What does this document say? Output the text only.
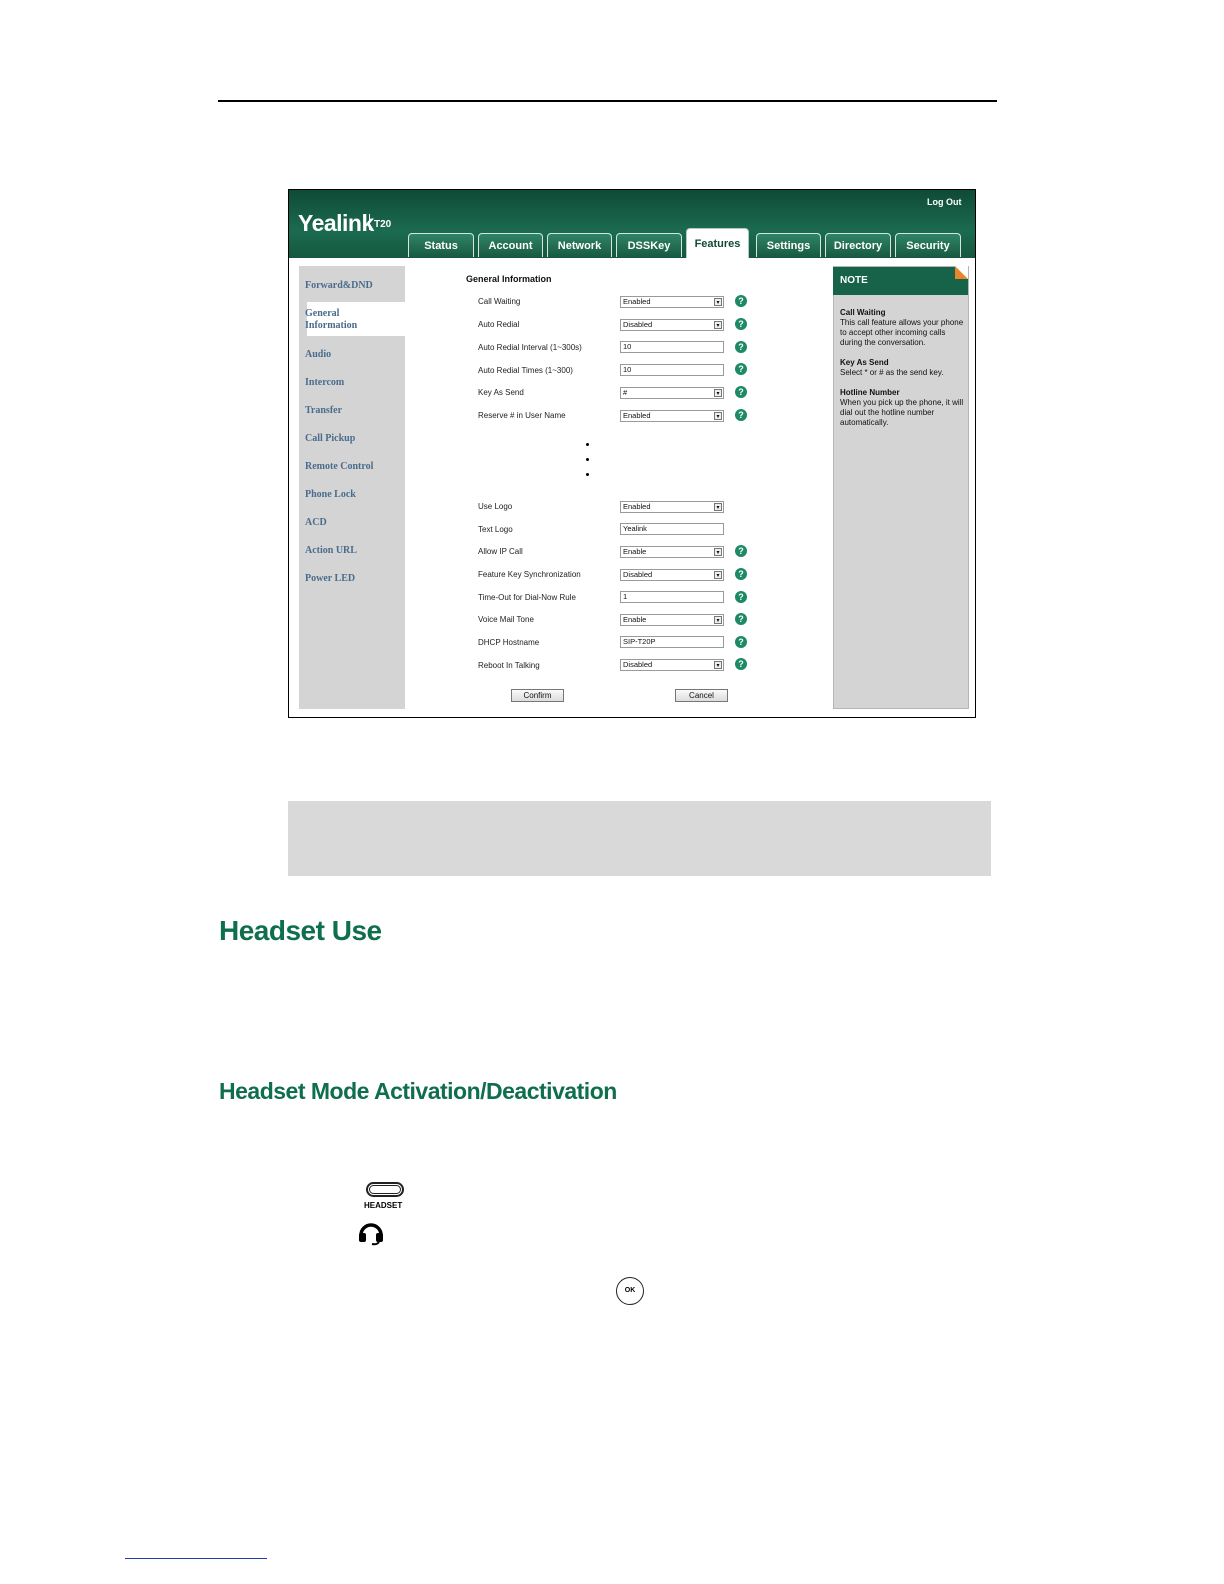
Yealink T20
Log Out
Status	Account	Network	DSSKey	Features	Settings	Directory	Security
Forward&DND
General Information
Audio
Intercom
Transfer
Call Pickup
Remote Control
Phone Lock
ACD
Action URL
Power LED
General Information
Call Waiting	Enabled	▾	?
Auto Redial	Disabled	▾	?
Auto Redial Interval (1~300s)	10	?
Auto Redial Times (1~300)	10	?
Key As Send	#	▾	?
Reserve # in User Name	Enabled	▾	?
Use Logo	Enabled	▾
Text Logo	Yealink
Allow IP Call	Enable	▾	?
Feature Key Synchronization	Disabled	▾	?
Time-Out for Dial-Now Rule	1	?
Voice Mail Tone	Enable	▾	?
DHCP Hostname	SIP-T20P	?
Reboot In Talking	Disabled	▾	?
Confirm	Cancel
NOTE

Call Waiting
This call feature allows your phone to accept other incoming calls during the conversation.

Key As Send
Select * or # as the send key.

Hotline Number
When you pick up the phone, it will dial out the hotline number automatically.

Headset Use
Headset Mode Activation/Deactivation
HEADSET
OK
